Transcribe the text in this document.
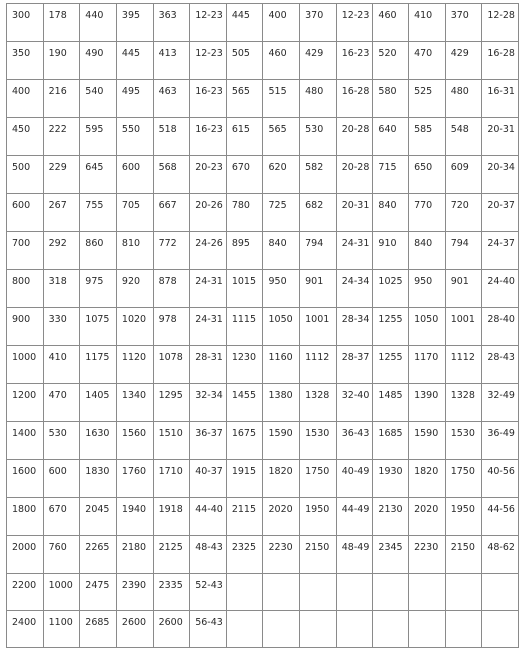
300	178	440	395	363	12-23	445	400	370	12-23	460	410	370	12-28
350	190	490	445	413	12-23	505	460	429	16-23	520	470	429	16-28
400	216	540	495	463	16-23	565	515	480	16-28	580	525	480	16-31
450	222	595	550	518	16-23	615	565	530	20-28	640	585	548	20-31
500	229	645	600	568	20-23	670	620	582	20-28	715	650	609	20-34
600	267	755	705	667	20-26	780	725	682	20-31	840	770	720	20-37
700	292	860	810	772	24-26	895	840	794	24-31	910	840	794	24-37
800	318	975	920	878	24-31	1015	950	901	24-34	1025	950	901	24-40
900	330	1075	1020	978	24-31	1115	1050	1001	28-34	1255	1050	1001	28-40
1000	410	1175	1120	1078	28-31	1230	1160	1112	28-37	1255	1170	1112	28-43
1200	470	1405	1340	1295	32-34	1455	1380	1328	32-40	1485	1390	1328	32-49
1400	530	1630	1560	1510	36-37	1675	1590	1530	36-43	1685	1590	1530	36-49
1600	600	1830	1760	1710	40-37	1915	1820	1750	40-49	1930	1820	1750	40-56
1800	670	2045	1940	1918	44-40	2115	2020	1950	44-49	2130	2020	1950	44-56
2000	760	2265	2180	2125	48-43	2325	2230	2150	48-49	2345	2230	2150	48-62
2200	1000	2475	2390	2335	52-43								
2400	1100	2685	2600	2600	56-43								
